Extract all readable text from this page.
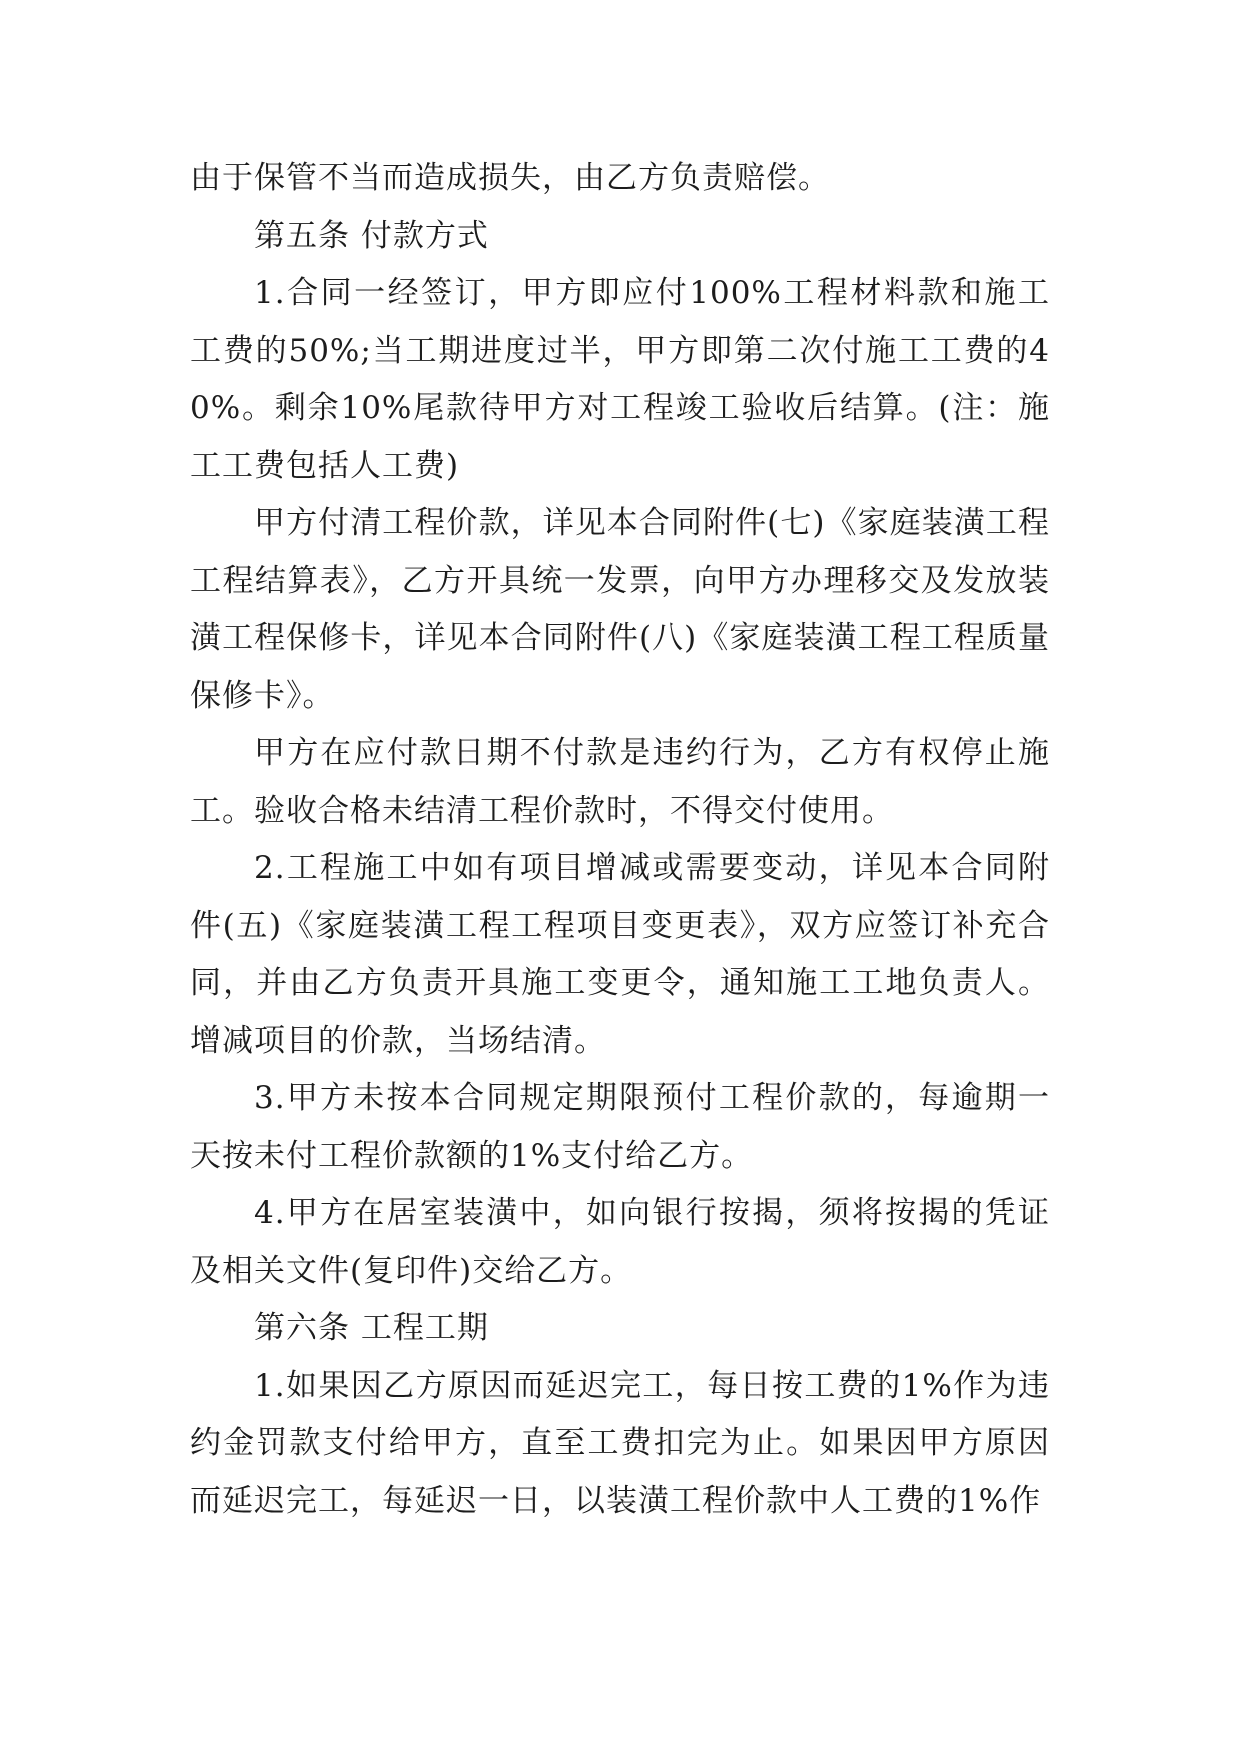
由于保管不当而造成损失，由乙方负责赔偿。

第五条 付款方式

1.合同一经签订，甲方即应付100%工程材料款和施工工费的50%;当工期进度过半，甲方即第二次付施工工费的40%。剩余10%尾款待甲方对工程竣工验收后结算。(注：施工工费包括人工费)

甲方付清工程价款，详见本合同附件(七)《家庭装潢工程工程结算表》，乙方开具统一发票，向甲方办理移交及发放装潢工程保修卡，详见本合同附件(八)《家庭装潢工程工程质量保修卡》。

甲方在应付款日期不付款是违约行为，乙方有权停止施工。验收合格未结清工程价款时，不得交付使用。

2.工程施工中如有项目增减或需要变动，详见本合同附件(五)《家庭装潢工程工程项目变更表》，双方应签订补充合同，并由乙方负责开具施工变更令，通知施工工地负责人。增减项目的价款，当场结清。

3.甲方未按本合同规定期限预付工程价款的，每逾期一天按未付工程价款额的1%支付给乙方。

4.甲方在居室装潢中，如向银行按揭，须将按揭的凭证及相关文件(复印件)交给乙方。

第六条 工程工期

1.如果因乙方原因而延迟完工，每日按工费的1%作为违约金罚款支付给甲方，直至工费扣完为止。如果因甲方原因而延迟完工，每延迟一日，以装潢工程价款中人工费的1%作
